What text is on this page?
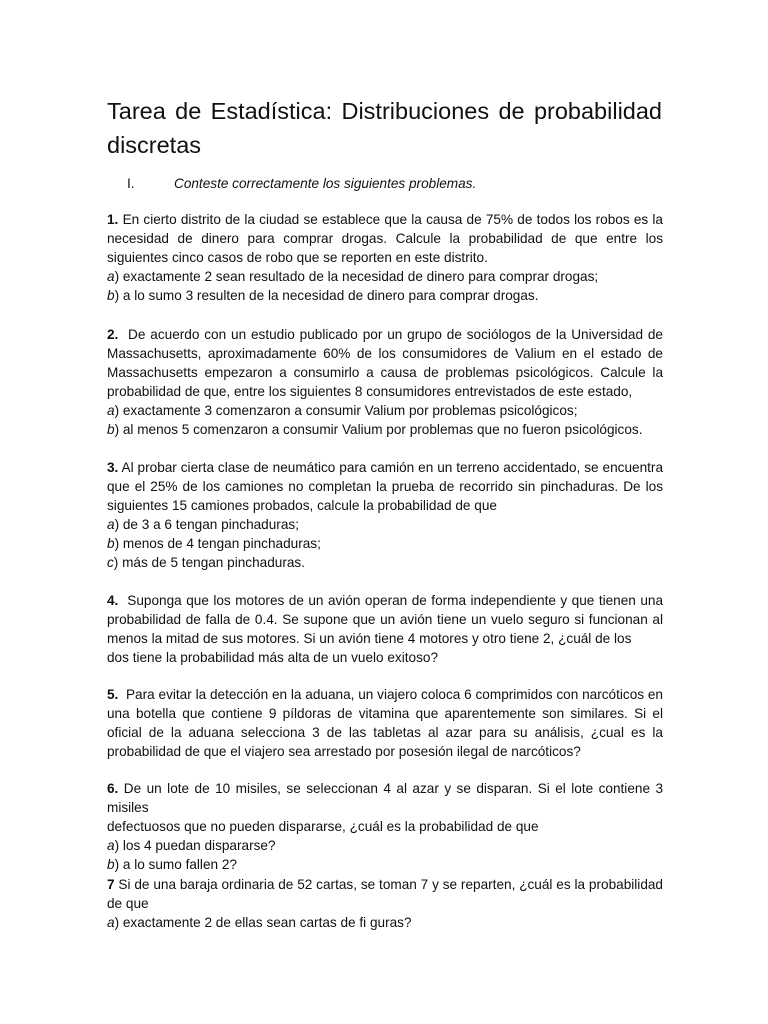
Tarea de Estadística: Distribuciones de probabilidad discretas
I.	Conteste correctamente los siguientes problemas.
1. En cierto distrito de la ciudad se establece que la causa de 75% de todos los robos es la
necesidad de dinero para comprar drogas. Calcule la probabilidad de que entre los
siguientes cinco casos de robo que se reporten en este distrito.
a) exactamente 2 sean resultado de la necesidad de dinero para comprar drogas;
b) a lo sumo 3 resulten de la necesidad de dinero para comprar drogas.
2. De acuerdo con un estudio publicado por un grupo de sociólogos de la Universidad de
Massachusetts, aproximadamente 60% de los consumidores de Valium en el estado de
Massachusetts empezaron a consumirlo a causa de problemas psicológicos. Calcule la
probabilidad de que, entre los siguientes 8 consumidores entrevistados de este estado,
a) exactamente 3 comenzaron a consumir Valium por problemas psicológicos;
b) al menos 5 comenzaron a consumir Valium por problemas que no fueron psicológicos.
3. Al probar cierta clase de neumático para camión en un terreno accidentado, se encuentra
que el 25% de los camiones no completan la prueba de recorrido sin pinchaduras. De los
siguientes 15 camiones probados, calcule la probabilidad de que
a) de 3 a 6 tengan pinchaduras;
b) menos de 4 tengan pinchaduras;
c) más de 5 tengan pinchaduras.
4. Suponga que los motores de un avión operan de forma independiente y que tienen una
probabilidad de falla de 0.4. Se supone que un avión tiene un vuelo seguro si funcionan al
menos la mitad de sus motores. Si un avión tiene 4 motores y otro tiene 2, ¿cuál de los
dos tiene la probabilidad más alta de un vuelo exitoso?
5. Para evitar la detección en la aduana, un viajero coloca 6 comprimidos con narcóticos en
una botella que contiene 9 píldoras de vitamina que aparentemente son similares. Si el
oficial de la aduana selecciona 3 de las tabletas al azar para su análisis, ¿cual es la
probabilidad de que el viajero sea arrestado por posesión ilegal de narcóticos?
6. De un lote de 10 misiles, se seleccionan 4 al azar y se disparan. Si el lote contiene 3 misiles
defectuosos que no pueden dispararse, ¿cuál es la probabilidad de que
a) los 4 puedan dispararse?
b) a lo sumo fallen 2?
7 Si de una baraja ordinaria de 52 cartas, se toman 7 y se reparten, ¿cuál es la probabilidad
de que
a) exactamente 2 de ellas sean cartas de fi guras?
